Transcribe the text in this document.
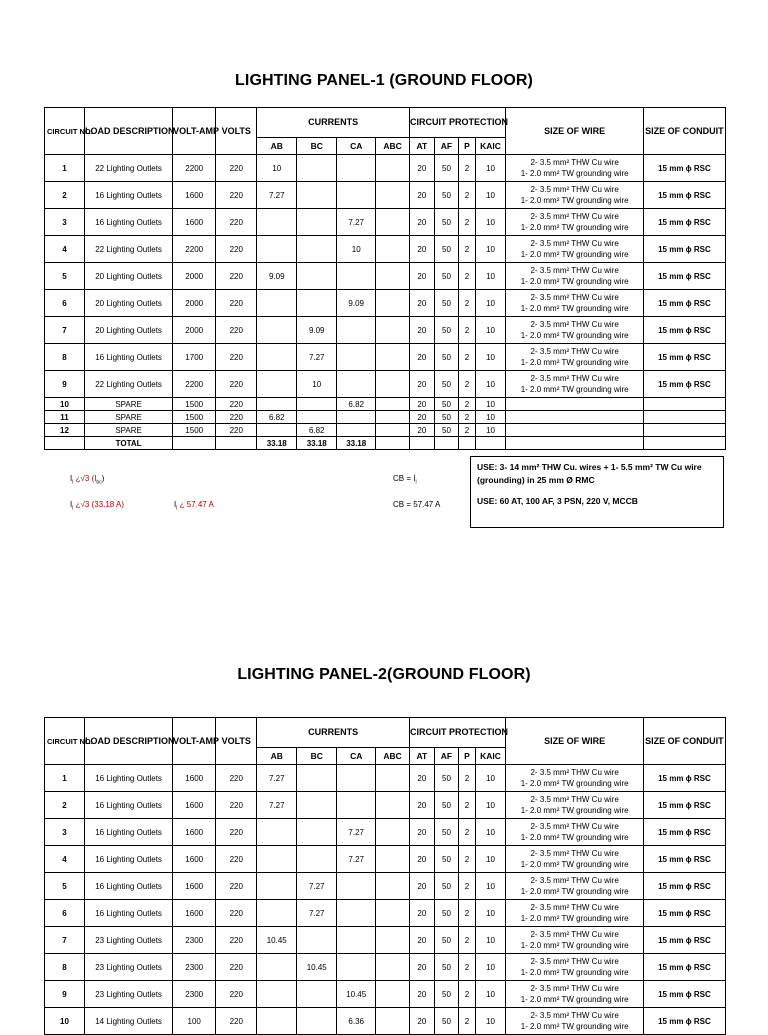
LIGHTING PANEL-1 (GROUND FLOOR)
CIRCUIT NO.	LOAD DESCRIPTION	VOLT-AMP	VOLTS	CURRENTS				CIRCUIT PROTECTION				SIZE OF WIRE	SIZE OF CONDUIT
				AB	BC	CA	ABC	AT	AF	P	KAIC		
1	22 Lighting Outlets	2200	220	10				20	50	2	10	2- 3.5 mm² THW Cu wire
1- 2.0 mm² TW grounding wire	15 mm ϕ RSC
2	16 Lighting Outlets	1600	220	7.27				20	50	2	10	2- 3.5 mm² THW Cu wire
1- 2.0 mm² TW grounding wire	15 mm ϕ RSC
3	16 Lighting Outlets	1600	220			7.27		20	50	2	10	2- 3.5 mm² THW Cu wire
1- 2.0 mm² TW grounding wire	15 mm ϕ RSC
4	22 Lighting Outlets	2200	220			10		20	50	2	10	2- 3.5 mm² THW Cu wire
1- 2.0 mm² TW grounding wire	15 mm ϕ RSC
5	20 Lighting Outlets	2000	220	9.09				20	50	2	10	2- 3.5 mm² THW Cu wire
1- 2.0 mm² TW grounding wire	15 mm ϕ RSC
6	20 Lighting Outlets	2000	220			9.09		20	50	2	10	2- 3.5 mm² THW Cu wire
1- 2.0 mm² TW grounding wire	15 mm ϕ RSC
7	20 Lighting Outlets	2000	220		9.09			20	50	2	10	2- 3.5 mm² THW Cu wire
1- 2.0 mm² TW grounding wire	15 mm ϕ RSC
8	16 Lighting Outlets	1700	220		7.27			20	50	2	10	2- 3.5 mm² THW Cu wire
1- 2.0 mm² TW grounding wire	15 mm ϕ RSC
9	22 Lighting Outlets	2200	220		10			20	50	2	10	2- 3.5 mm² THW Cu wire
1- 2.0 mm² TW grounding wire	15 mm ϕ RSC
10	SPARE	1500	220			6.82		20	50	2	10		
11	SPARE	1500	220	6.82				20	50	2	10		
12	SPARE	1500	220		6.82			20	50	2	10		
	TOTAL			33.18	33.18	33.18							
$I_l$ ¿√3 $(I_{bc})$
$I_l$ ¿√3 (33.18 A)	$I_l$ ¿ 57.47 A
CB = $I_l$
CB = 57.47 A

USE: 3- 14 mm² THW Cu. wires + 1- 5.5 mm² TW Cu wire (grounding) in 25 mm Ø RMC

USE: 60 AT, 100 AF, 3 PSN, 220 V, MCCB

LIGHTING PANEL-2(GROUND FLOOR)
CIRCUIT NO.	LOAD DESCRIPTION	VOLT-AMP	VOLTS	CURRENTS				CIRCUIT PROTECTION				SIZE OF WIRE	SIZE OF CONDUIT
				AB	BC	CA	ABC	AT	AF	P	KAIC		
1	16 Lighting Outlets	1600	220	7.27				20	50	2	10	2- 3.5 mm² THW Cu wire
1- 2.0 mm² TW grounding wire	15 mm ϕ RSC
2	16 Lighting Outlets	1600	220	7.27				20	50	2	10	2- 3.5 mm² THW Cu wire
1- 2.0 mm² TW grounding wire	15 mm ϕ RSC
3	16 Lighting Outlets	1600	220			7.27		20	50	2	10	2- 3.5 mm² THW Cu wire
1- 2.0 mm² TW grounding wire	15 mm ϕ RSC
4	16 Lighting Outlets	1600	220			7.27		20	50	2	10	2- 3.5 mm² THW Cu wire
1- 2.0 mm² TW grounding wire	15 mm ϕ RSC
5	16 Lighting Outlets	1600	220		7.27			20	50	2	10	2- 3.5 mm² THW Cu wire
1- 2.0 mm² TW grounding wire	15 mm ϕ RSC
6	16 Lighting Outlets	1600	220		7.27			20	50	2	10	2- 3.5 mm² THW Cu wire
1- 2.0 mm² TW grounding wire	15 mm ϕ RSC
7	23 Lighting Outlets	2300	220	10.45				20	50	2	10	2- 3.5 mm² THW Cu wire
1- 2.0 mm² TW grounding wire	15 mm ϕ RSC
8	23 Lighting Outlets	2300	220		10.45			20	50	2	10	2- 3.5 mm² THW Cu wire
1- 2.0 mm² TW grounding wire	15 mm ϕ RSC
9	23 Lighting Outlets	2300	220			10.45		20	50	2	10	2- 3.5 mm² THW Cu wire
1- 2.0 mm² TW grounding wire	15 mm ϕ RSC
10	14 Lighting Outlets	100	220			6.36		20	50	2	10	2- 3.5 mm² THW Cu wire
1- 2.0 mm² TW grounding wire	15 mm ϕ RSC
